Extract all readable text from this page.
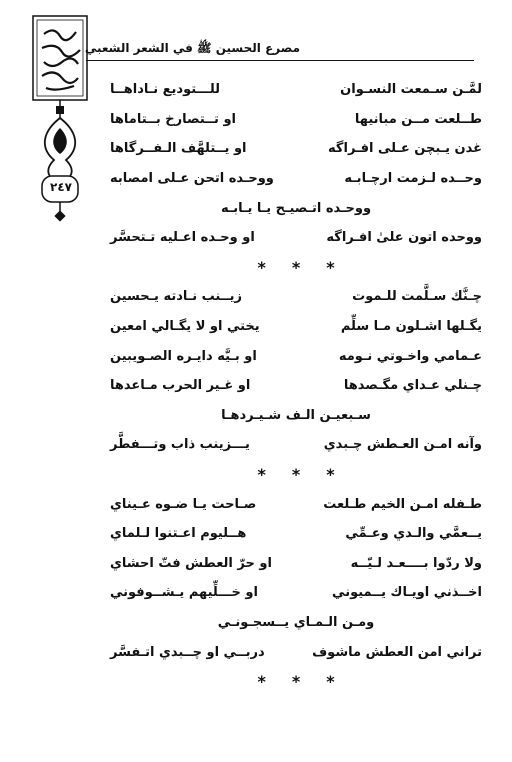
مصرع الحسين ﷺ في الشعر الشعبي
٢٤٧
لمَّـن سـمعت النسـوان
للـــتوديع نـاداهــا
طــلعت مــن مبانيها
او تــتصارخ بــتاماها
غدن يـبچن عـلى افـراگه
او يــتلهَّف الـفــرگاها
وحــده لـزمت ارچـابـه
ووحـده اتحن عـلى امصابه
ووحـده اتـصيـح يـا يـابـه
ووحده اتون علىٰ افـراگه
او وحـده اعـليه تـتحسَّر
*
*
*
چـنَّك سـلَّمت للـموت
زيــنب نـادته يـحسين
يگـلها اشـلون مـا سلِّم
يختي او لا يگـالي امعين
عـمامي واخـوتي نـومه
او بـيَّه دايـره الصـويبين
چـنلي عـداي مگـصدها
او غـير الحرب مـاعدها
سـبعيـن الـف شـيـردهـا
وآنه امـن العـطش چـبدي
يـــزينب ذاب وتـــفطَّر
*
*
*
طـفله امـن الخيم طـلعت
صـاحت يـا ضـوه عـيناي
يــعمَّي والـدي وعـمِّي
هــليوم اعـتنوا لـلماي
ولا ردّوا بــــعـد لـيّــه
او حرّ العطش فتّ احشاي
اخــذني اويـاك يــميوني
او خـــلِّيهم يـشــوفوني
ومـن الـمـاي يــسجـونـي
تراني امن العطش ماشوف
دربــي او چــبدي اتـفسَّر
*
*
*
